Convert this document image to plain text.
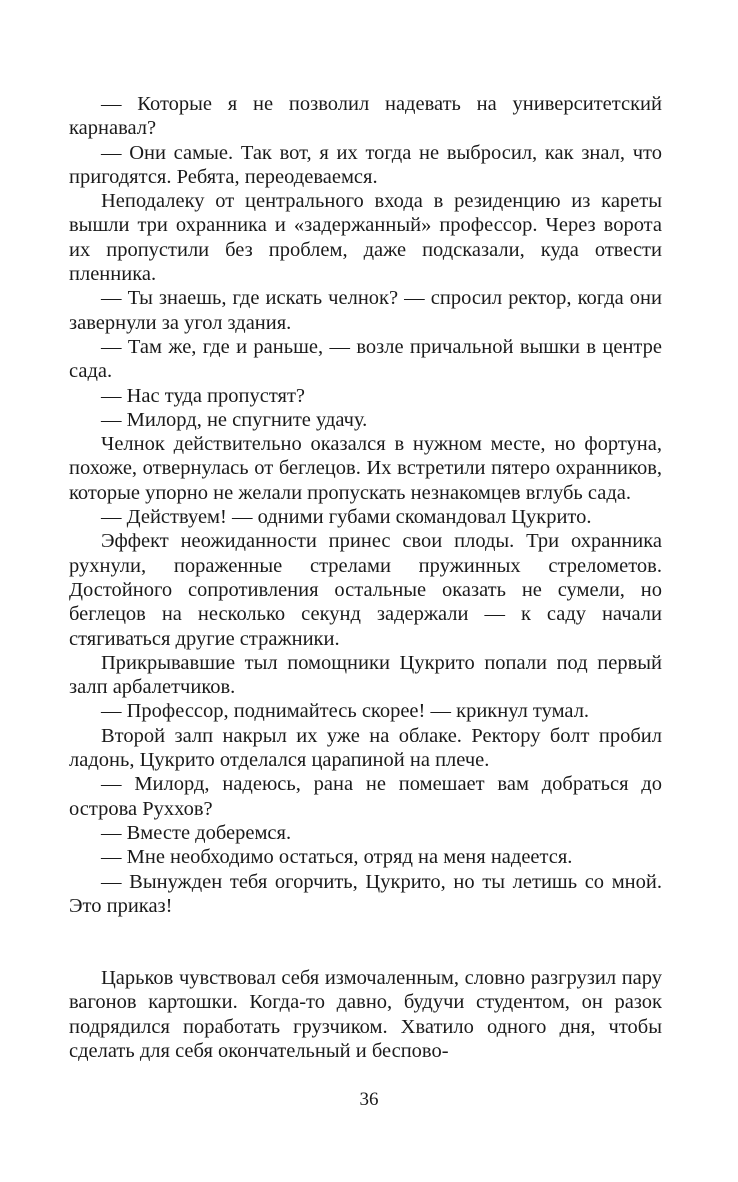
— Которые я не позволил надевать на университетский карнавал?

— Они самые. Так вот, я их тогда не выбросил, как знал, что пригодятся. Ребята, переодеваемся.

Неподалеку от центрального входа в резиденцию из кареты вышли три охранника и «задержанный» профессор. Через ворота их пропустили без проблем, даже подсказали, куда отвести пленника.

— Ты знаешь, где искать челнок? — спросил ректор, когда они завернули за угол здания.

— Там же, где и раньше, — возле причальной вышки в центре сада.

— Нас туда пропустят?

— Милорд, не спугните удачу.

Челнок действительно оказался в нужном месте, но фортуна, похоже, отвернулась от беглецов. Их встретили пятеро охранников, которые упорно не желали пропускать незнакомцев вглубь сада.

— Действуем! — одними губами скомандовал Цукрито.

Эффект неожиданности принес свои плоды. Три охранника рухнули, пораженные стрелами пружинных стрелометов. Достойного сопротивления остальные оказать не сумели, но беглецов на несколько секунд задержали — к саду начали стягиваться другие стражники.

Прикрывавшие тыл помощники Цукрито попали под первый залп арбалетчиков.

— Профессор, поднимайтесь скорее! — крикнул тумал.

Второй залп накрыл их уже на облаке. Ректору болт пробил ладонь, Цукрито отделался царапиной на плече.

— Милорд, надеюсь, рана не помешает вам добраться до острова Руххов?

— Вместе доберемся.

— Мне необходимо остаться, отряд на меня надеется.

— Вынужден тебя огорчить, Цукрито, но ты летишь со мной. Это приказ!

Царьков чувствовал себя измочаленным, словно разгрузил пару вагонов картошки. Когда-то давно, будучи студентом, он разок подрядился поработать грузчиком. Хватило одного дня, чтобы сделать для себя окончательный и беспово-

36
